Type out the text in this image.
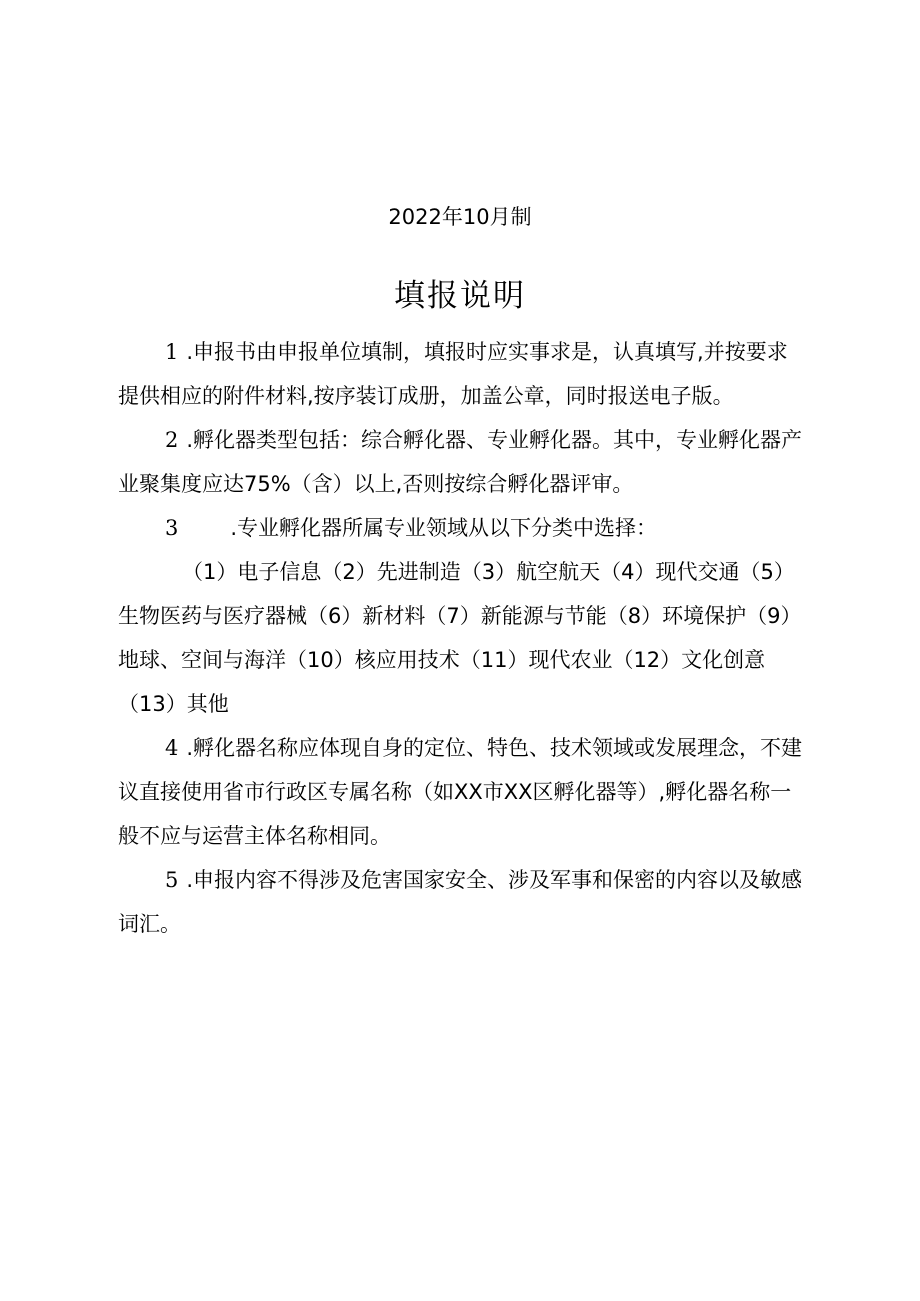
2022年10月制
填报说明

1 .申报书由申报单位填制，填报时应实事求是，认真填写,并按要求提供相应的附件材料,按序装订成册，加盖公章，同时报送电子版。

2 .孵化器类型包括：综合孵化器、专业孵化器。其中，专业孵化器产业聚集度应达75%（含）以上,否则按综合孵化器评审。

3 .专业孵化器所属专业领域从以下分类中选择：

（1）电子信息（2）先进制造（3）航空航天（4）现代交通（5）生物医药与医疗器械（6）新材料（7）新能源与节能（8）环境保护（9）地球、空间与海洋（10）核应用技术（11）现代农业（12）文化创意（13）其他

4 .孵化器名称应体现自身的定位、特色、技术领域或发展理念，不建议直接使用省市行政区专属名称（如XX市XX区孵化器等）,孵化器名称一般不应与运营主体名称相同。

5 .申报内容不得涉及危害国家安全、涉及军事和保密的内容以及敏感词汇。
